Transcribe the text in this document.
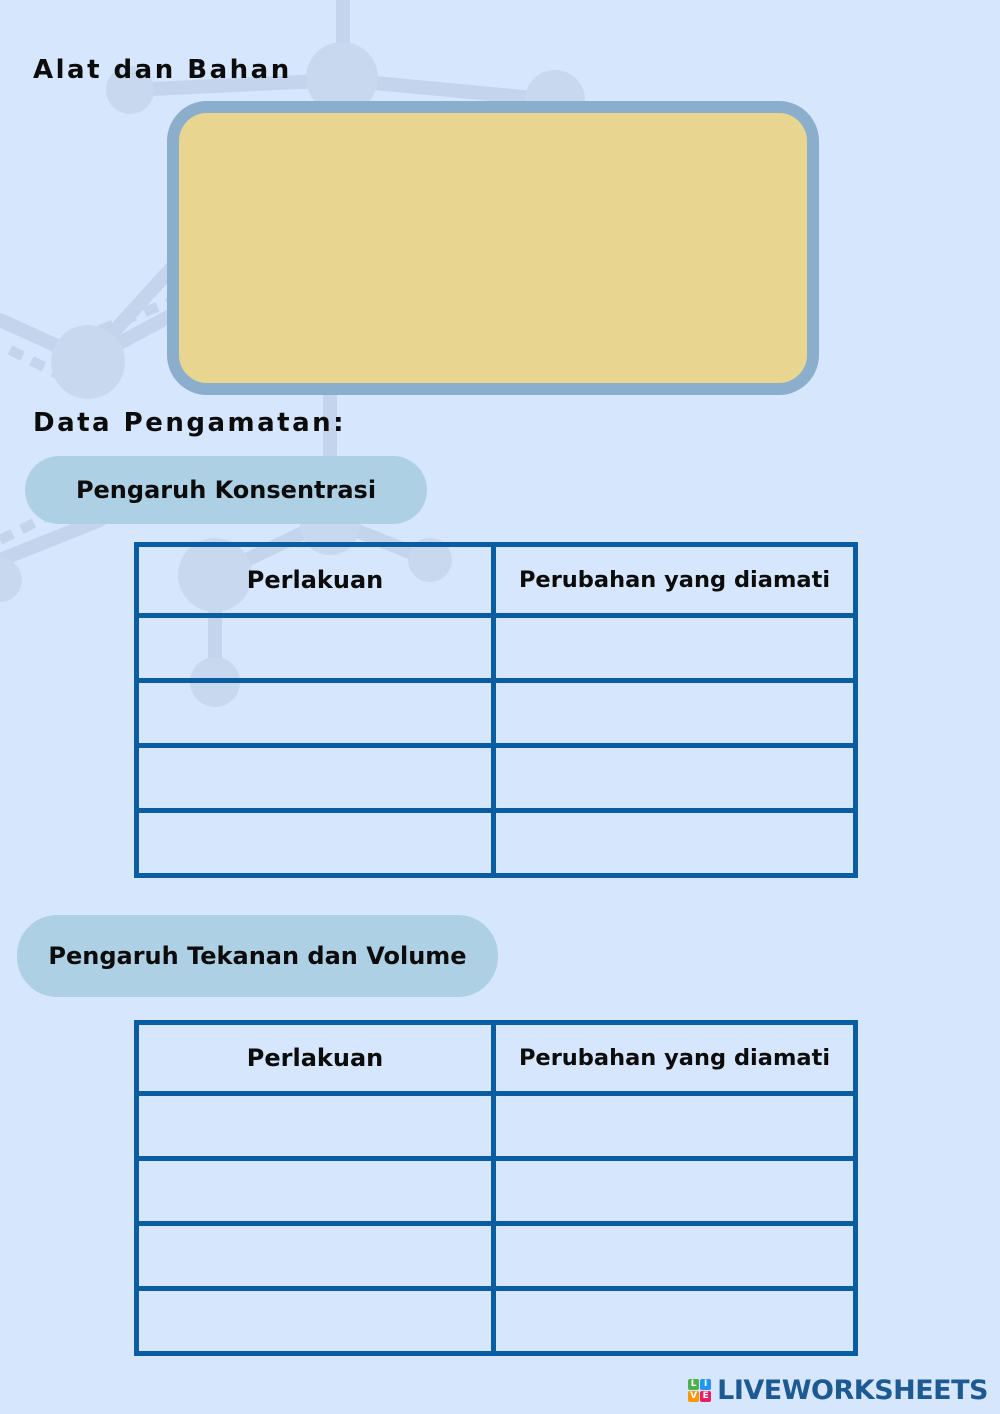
Alat dan Bahan
Data Pengamatan:
Pengaruh Konsentrasi
Perlakuan	Perubahan yang diamati

Pengaruh Tekanan dan Volume
Perlakuan	Perubahan yang diamati

L I
V E LIVEWORKSHEETS
